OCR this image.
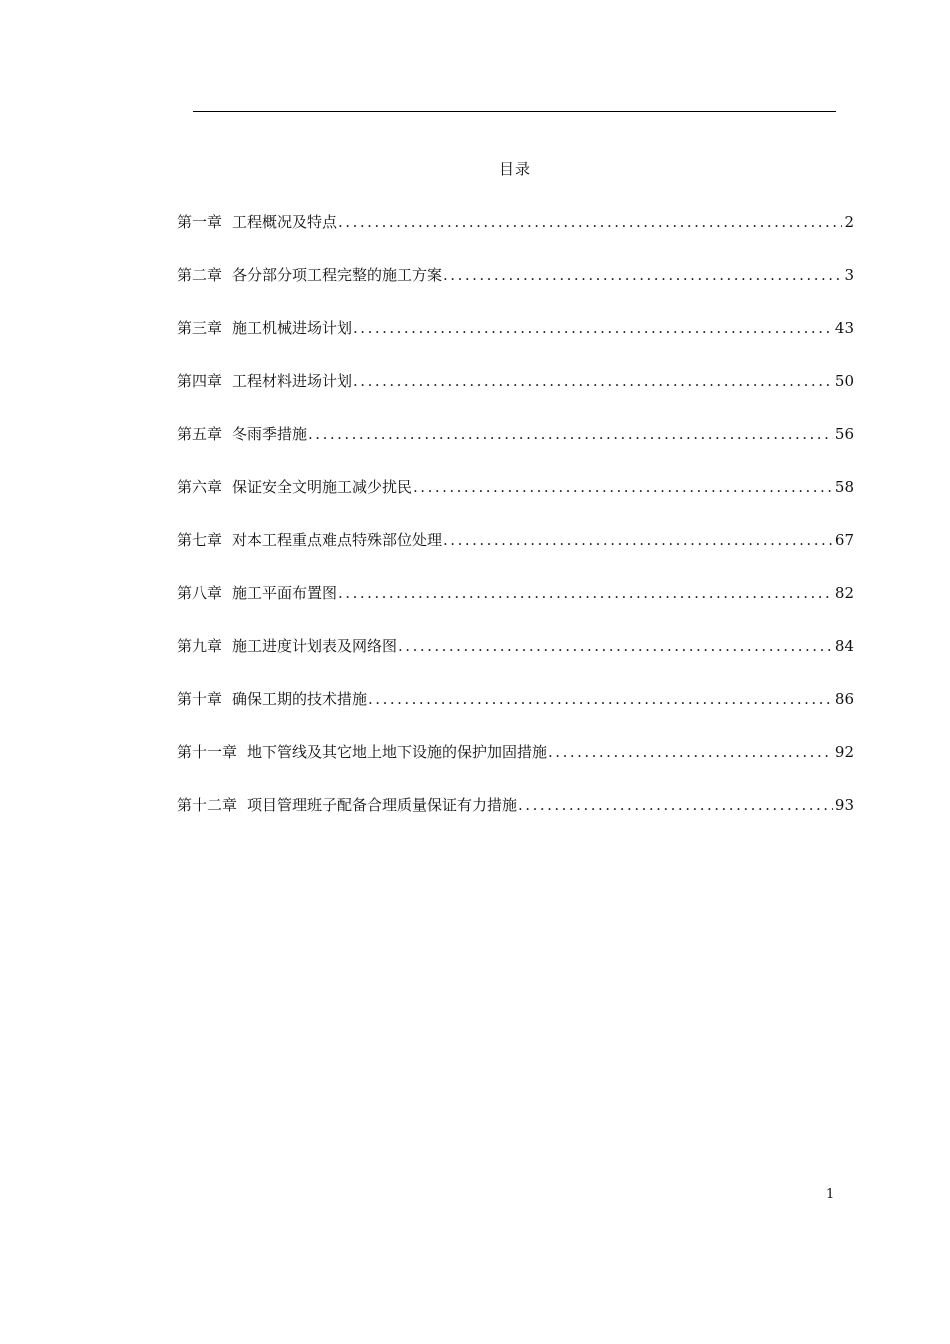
目录
第一章 工程概况及特点 .....	2
第二章 各分部分项工程完整的施工方案 .....	3
第三章 施工机械进场计划 .....	43
第四章 工程材料进场计划 .....	50
第五章 冬雨季措施 .....	56
第六章 保证安全文明施工减少扰民 .....	58
第七章 对本工程重点难点特殊部位处理 .....	67
第八章 施工平面布置图 .....	82
第九章 施工进度计划表及网络图 .....	84
第十章 确保工期的技术措施 .....	86
第十一章 地下管线及其它地上地下设施的保护加固措施 .....	92
第十二章 项目管理班子配备合理质量保证有力措施 .....	93
1
